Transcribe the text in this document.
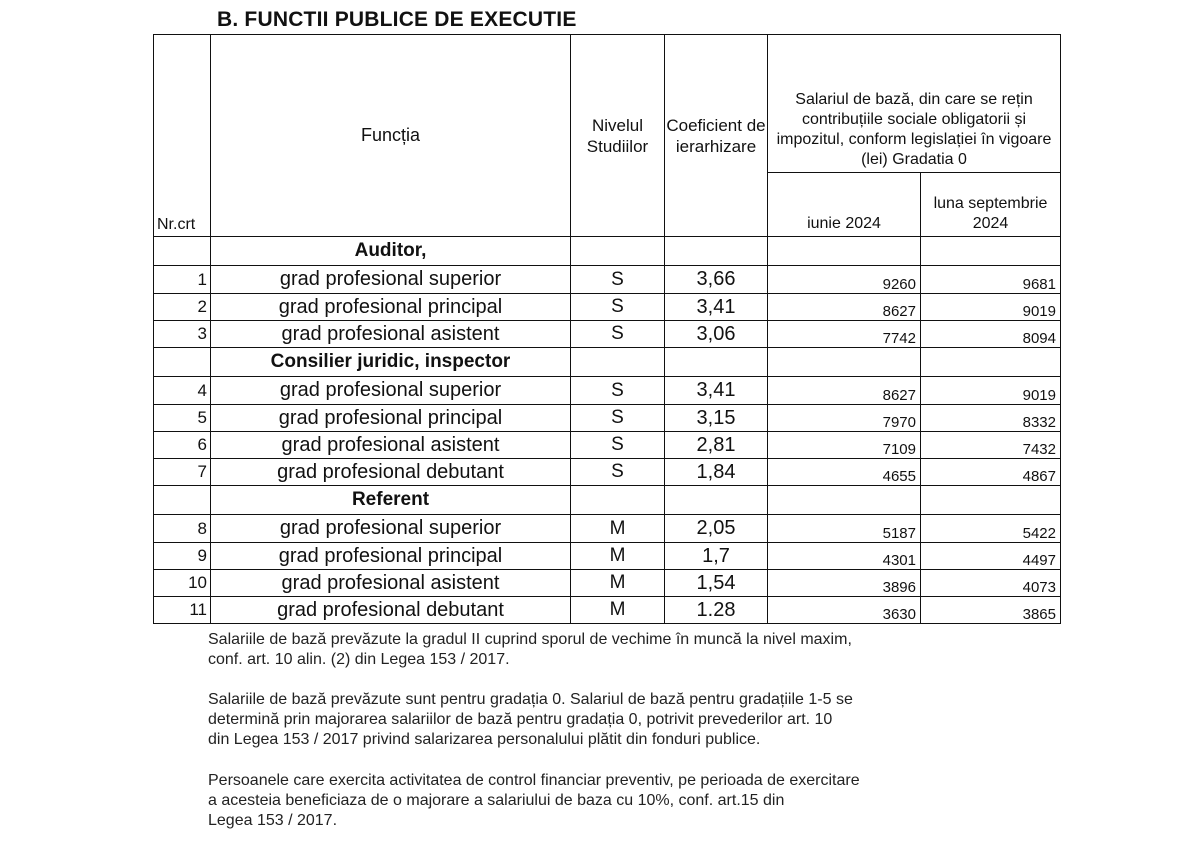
B. FUNCTII PUBLICE DE EXECUTIE
Nr.crt	Funcția	Nivelul Studiilor	Coeficient de ierarhizare	Salariul de bază, din care se rețin contribuțiile sociale obligatorii și impozitul, conform legislației în vigoare (lei) Gradatia 0	
				iunie 2024	luna septembrie 2024
	Auditor,				
1	grad profesional superior	S	3,66	9260	9681
2	grad profesional principal	S	3,41	8627	9019
3	grad profesional asistent	S	3,06	7742	8094
	Consilier juridic, inspector				
4	grad profesional superior	S	3,41	8627	9019
5	grad profesional principal	S	3,15	7970	8332
6	grad profesional asistent	S	2,81	7109	7432
7	grad profesional debutant	S	1,84	4655	4867
	Referent				
8	grad profesional superior	M	2,05	5187	5422
9	grad profesional principal	M	1,7	4301	4497
10	grad profesional asistent	M	1,54	3896	4073
11	grad profesional debutant	M	1.28	3630	3865
Salariile de bază prevăzute la gradul II cuprind sporul de vechime în muncă la nivel maxim,
conf. art. 10 alin. (2) din Legea 153 / 2017.
Salariile de bază prevăzute sunt pentru gradația 0. Salariul de bază pentru gradațiile 1-5 se
determină prin majorarea salariilor de bază pentru gradația 0, potrivit prevederilor art. 10
din Legea 153 / 2017 privind salarizarea personalului plătit din fonduri publice.
Persoanele care exercita activitatea de control financiar preventiv, pe perioada de exercitare
a acesteia beneficiaza de o majorare a salariului de baza cu 10%, conf. art.15 din
Legea 153 / 2017.
